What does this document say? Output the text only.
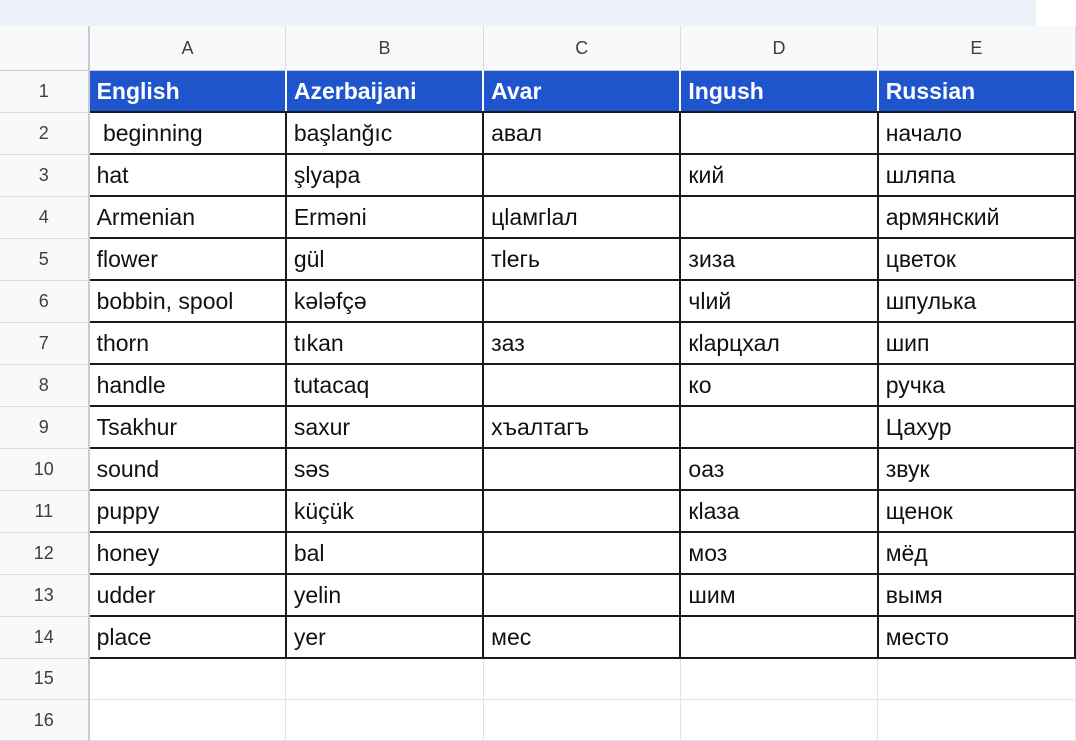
	A	B	C	D	E
1	English	Azerbaijani	Avar	Ingush	Russian
2	beginning	başlanğıc	авал		начало
3	hat	şlyapa		кий	шляпа
4	Armenian	Erməni	цlамгlал		армянский
5	flower	gül	тlегь	зиза	цветок
6	bobbin, spool	kələfçə		чlий	шпулька
7	thorn	tıkan	заз	кlарцхал	шип
8	handle	tutacaq		ко	ручка
9	Tsakhur	saxur	хъалтагъ		Цахур
10	sound	səs		оаз	звук
11	puppy	küçük		кlаза	щенок
12	honey	bal		моз	мёд
13	udder	yelin		шим	вымя
14	place	yer	мес		место
15					
16					
